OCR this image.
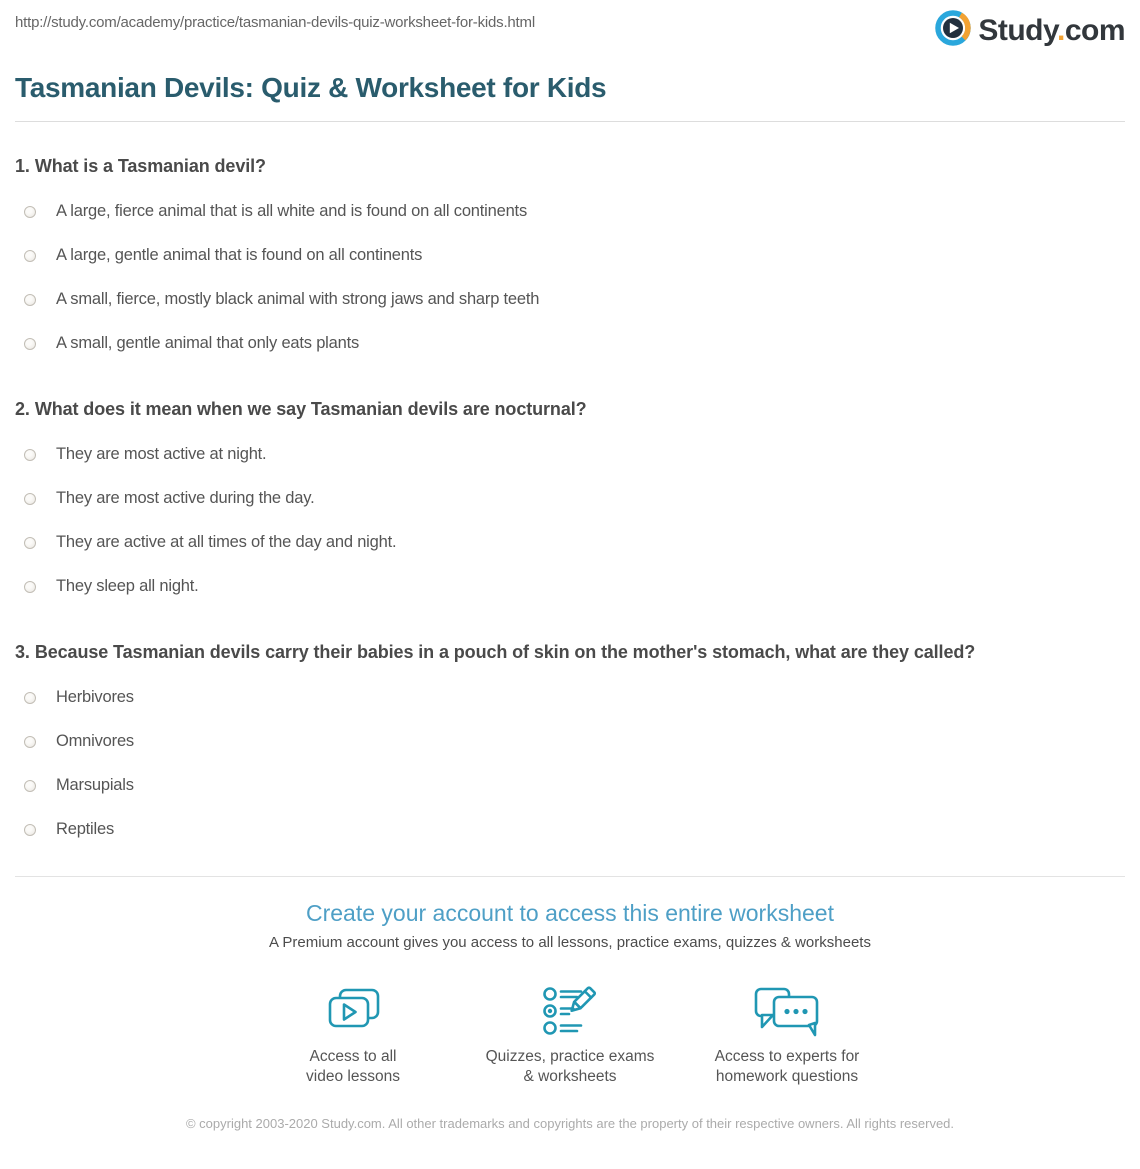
http://study.com/academy/practice/tasmanian-devils-quiz-worksheet-for-kids.html	Study.com
Tasmanian Devils: Quiz & Worksheet for Kids
1. What is a Tasmanian devil?
A large, fierce animal that is all white and is found on all continents
A large, gentle animal that is found on all continents
A small, fierce, mostly black animal with strong jaws and sharp teeth
A small, gentle animal that only eats plants
2. What does it mean when we say Tasmanian devils are nocturnal?
They are most active at night.
They are most active during the day.
They are active at all times of the day and night.
They sleep all night.
3. Because Tasmanian devils carry their babies in a pouch of skin on the mother's stomach, what are they called?
Herbivores
Omnivores
Marsupials
Reptiles
Create your account to access this entire worksheet
A Premium account gives you access to all lessons, practice exams, quizzes & worksheets
Access to all
video lessons
Quizzes, practice exams
& worksheets
Access to experts for
homework questions
© copyright 2003-2020 Study.com. All other trademarks and copyrights are the property of their respective owners. All rights reserved.
